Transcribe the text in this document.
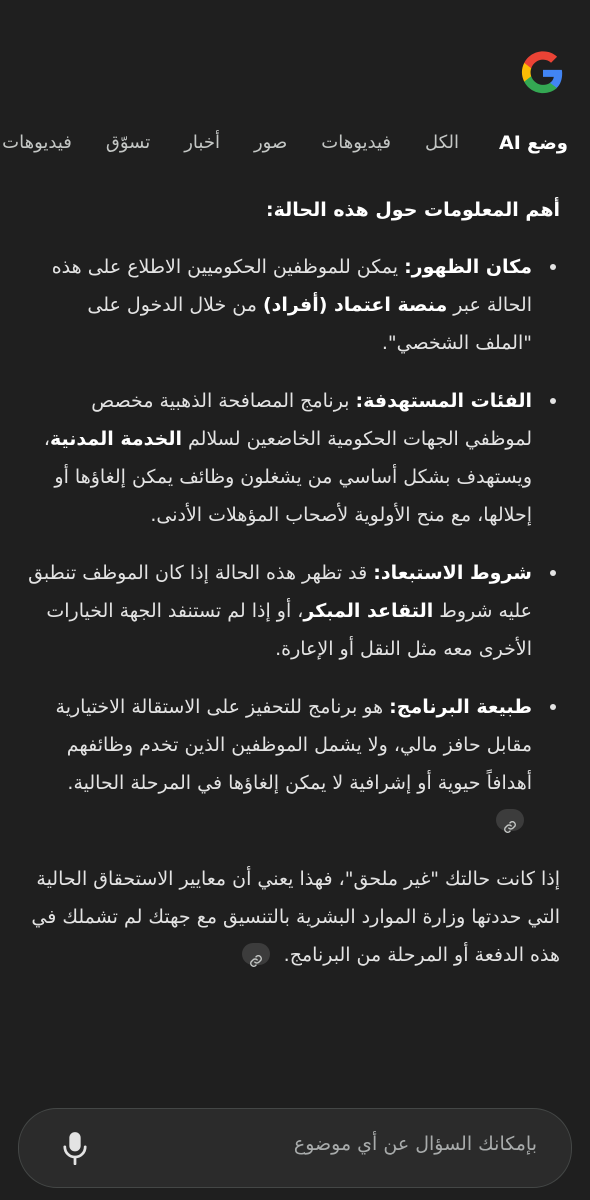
وضع AI
الكل
فيديوهات
صور
أخبار
تسوّق
فيديوهات
أهم المعلومات حول هذه الحالة:
مكان الظهور: يمكن للموظفين الحكوميين الاطلاع على هذه الحالة عبر منصة اعتماد (أفراد) من خلال الدخول على "الملف الشخصي".
الفئات المستهدفة: برنامج المصافحة الذهبية مخصص لموظفي الجهات الحكومية الخاضعين لسلالم الخدمة المدنية، ويستهدف بشكل أساسي من يشغلون وظائف يمكن إلغاؤها أو إحلالها، مع منح الأولوية لأصحاب المؤهلات الأدنى.
شروط الاستبعاد: قد تظهر هذه الحالة إذا كان الموظف تنطبق عليه شروط التقاعد المبكر، أو إذا لم تستنفد الجهة الخيارات الأخرى معه مثل النقل أو الإعارة.
طبيعة البرنامج: هو برنامج للتحفيز على الاستقالة الاختيارية مقابل حافز مالي، ولا يشمل الموظفين الذين تخدم وظائفهم أهدافاً حيوية أو إشرافية لا يمكن إلغاؤها في المرحلة الحالية.
إذا كانت حالتك "غير ملحق"، فهذا يعني أن معايير الاستحقاق الحالية التي حددتها وزارة الموارد البشرية بالتنسيق مع جهتك لم تشملك في هذه الدفعة أو المرحلة من البرنامج.
بإمكانك السؤال عن أي موضوع
